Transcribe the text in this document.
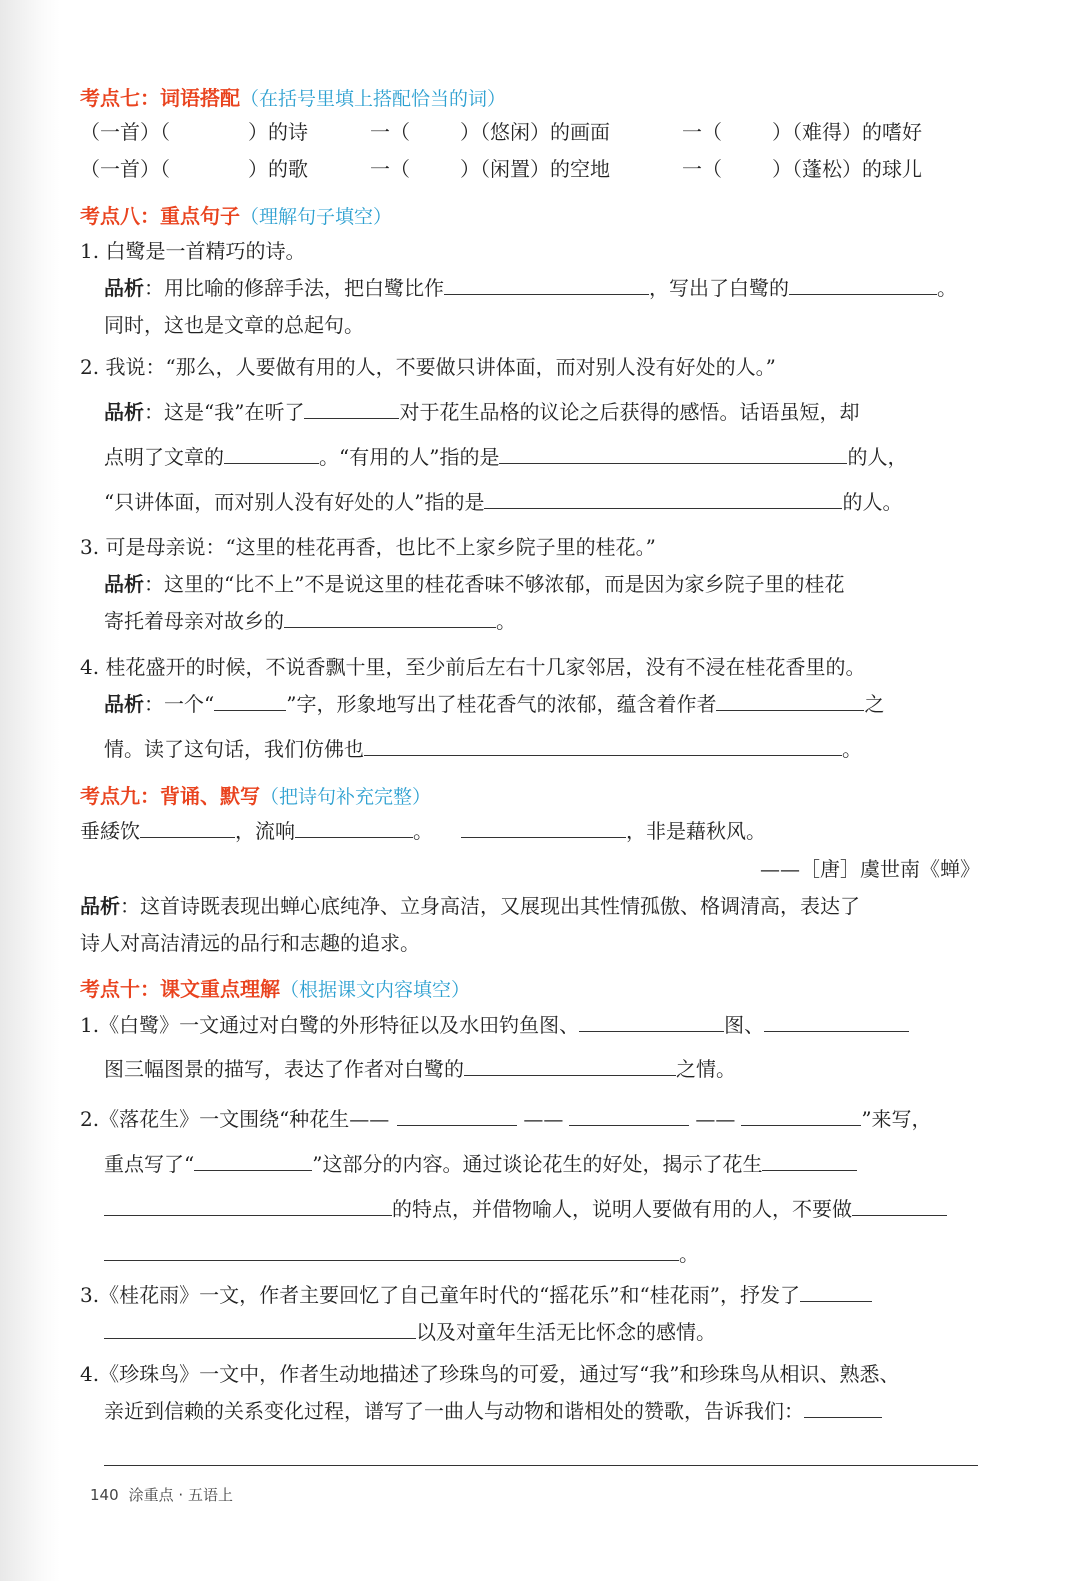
考点七：词语搭配（在括号里填上搭配恰当的词）
（一首）（	）的诗	一（	）（悠闲）的画面	一（	）（难得）的嗜好
（一首）（	）的歌	一（	）（闲置）的空地	一（	）（蓬松）的球儿
考点八：重点句子（理解句子填空）
1. 白鹭是一首精巧的诗。
品析：用比喻的修辞手法，把白鹭比作	，写出了白鹭的	。
同时，这也是文章的总起句。
2. 我说：“那么，人要做有用的人，不要做只讲体面，而对别人没有好处的人。”
品析：这是“我”在听了	对于花生品格的议论之后获得的感悟。话语虽短，却
点明了文章的	。“有用的人”指的是	的人，
“只讲体面，而对别人没有好处的人”指的是	的人。
3. 可是母亲说：“这里的桂花再香，也比不上家乡院子里的桂花。”
品析：这里的“比不上”不是说这里的桂花香味不够浓郁，而是因为家乡院子里的桂花
寄托着母亲对故乡的	。
4. 桂花盛开的时候，不说香飘十里，至少前后左右十几家邻居，没有不浸在桂花香里的。
品析：一个“	”字，形象地写出了桂花香气的浓郁，蕴含着作者	之
情。读了这句话，我们仿佛也	。
考点九：背诵、默写（把诗句补充完整）
垂緌饮	，流响	。	，非是藉秋风。
——［唐］虞世南《蝉》
品析：这首诗既表现出蝉心底纯净、立身高洁，又展现出其性情孤傲、格调清高，表达了
诗人对高洁清远的品行和志趣的追求。
考点十：课文重点理解（根据课文内容填空）
1.《白鹭》一文通过对白鹭的外形特征以及水田钓鱼图、	图、
图三幅图景的描写，表达了作者对白鹭的	之情。
2.《落花生》一文围绕“种花生——	——	——	”来写，
重点写了“	”这部分的内容。通过谈论花生的好处，揭示了花生
的特点，并借物喻人，说明人要做有用的人，不要做
。
3.《桂花雨》一文，作者主要回忆了自己童年时代的“摇花乐”和“桂花雨”，抒发了
以及对童年生活无比怀念的感情。
4.《珍珠鸟》一文中，作者生动地描述了珍珠鸟的可爱，通过写“我”和珍珠鸟从相识、熟悉、
亲近到信赖的关系变化过程，谱写了一曲人与动物和谐相处的赞歌，告诉我们：
140 涂重点 · 五语上
